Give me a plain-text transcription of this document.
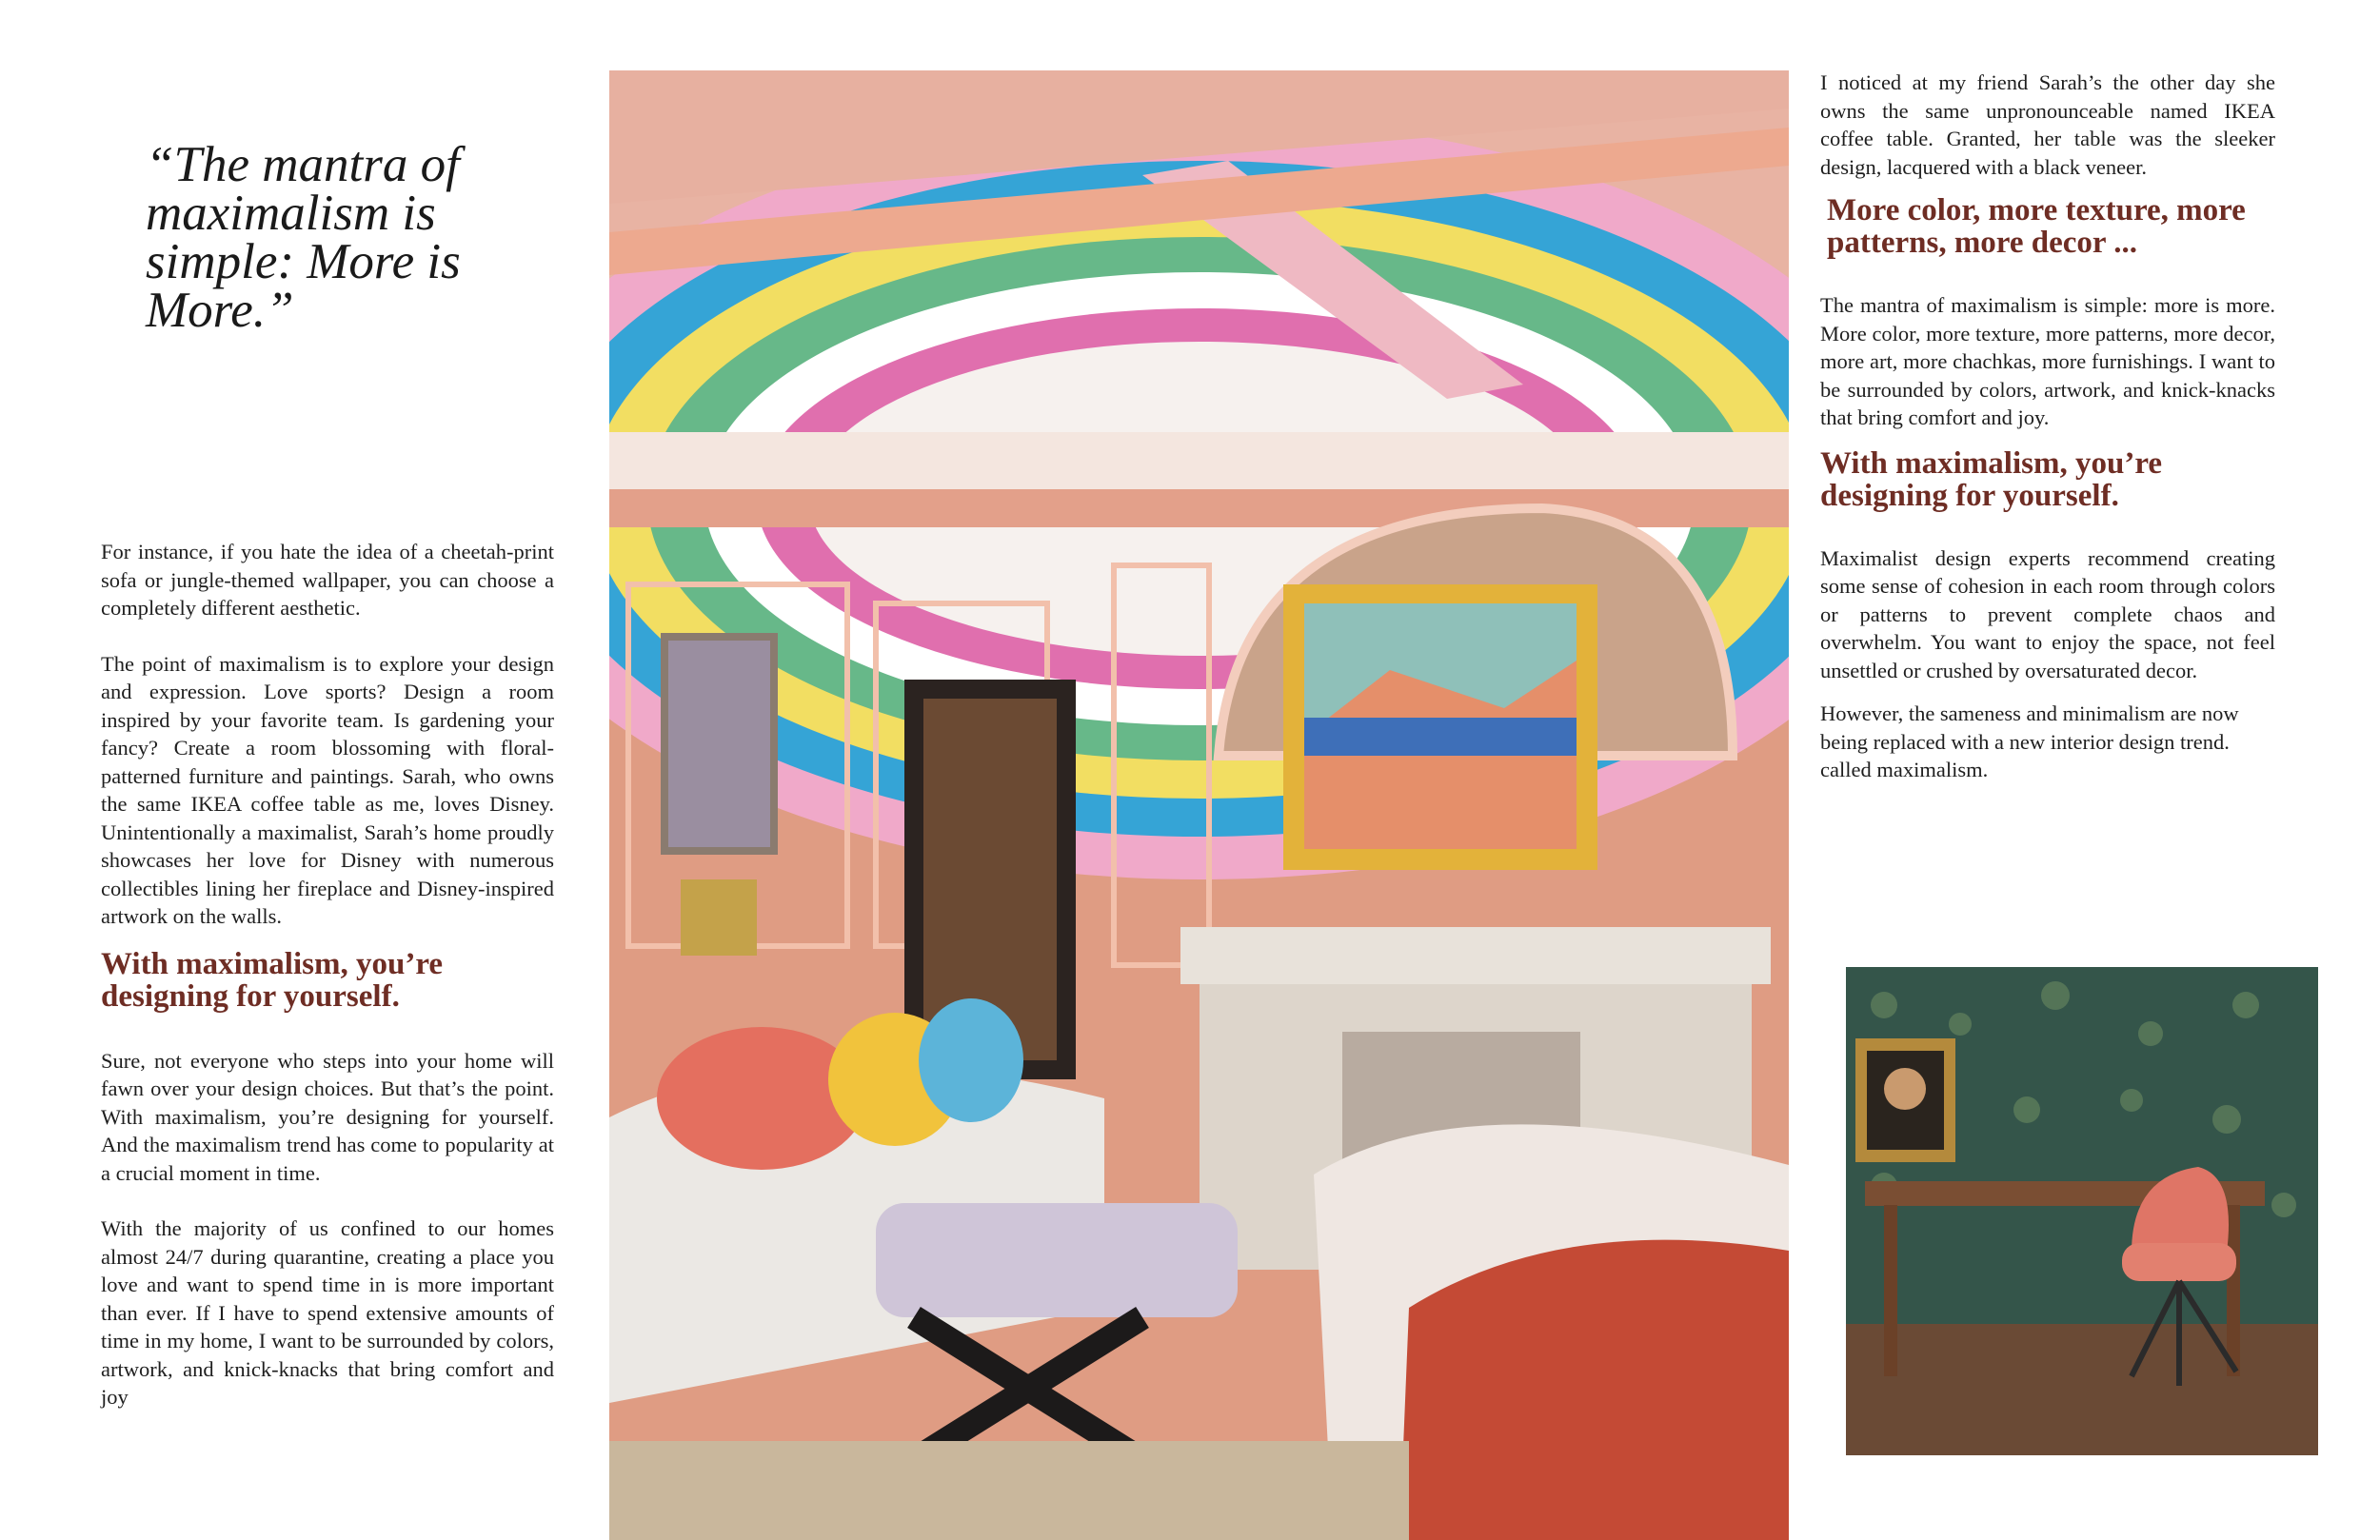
“The mantra of maximalism is simple: More is More.”

For instance, if you hate the idea of a cheetah-print sofa or jungle-themed wallpaper, you can choose a completely different aesthetic.

The point of maximalism is to explore your design and expression. Love sports? Design a room inspired by your favorite team. Is gardening your fancy? Create a room blossoming with floral-patterned furniture and paintings. Sarah, who owns the same IKEA coffee table as me, loves Disney. Unintentionally a maximalist, Sarah’s home proudly showcases her love for Disney with numerous collectibles lining her fireplace and Disney-inspired artwork on the walls.

With maximalism, you’re designing for yourself.

Sure, not everyone who steps into your home will fawn over your design choices. But that’s the point. With maximalism, you’re designing for yourself. And the maximalism trend has come to popularity at a crucial moment in time.

With the majority of us confined to our homes almost 24/7 during quarantine, creating a place you love and want to spend time in is more important than ever. If I have to spend extensive amounts of time in my home, I want to be surrounded by colors, artwork, and knick-knacks that bring comfort and joy

I noticed at my friend Sarah’s the other day she owns the same unpronounceable named IKEA coffee table. Granted, her table was the sleeker design, lacquered with a black veneer.

More color, more texture, more patterns, more decor ...

The mantra of maximalism is simple: more is more. More color, more texture, more patterns, more decor, more art, more chachkas, more furnishings. I want to be surrounded by colors, artwork, and knick-knacks that bring comfort and joy.

With maximalism, you’re designing for yourself.

Maximalist design experts recommend creating some sense of cohesion in each room through colors or patterns to prevent complete chaos and overwhelm. You want to enjoy the space, not feel unsettled or crushed by oversaturated decor.

However, the sameness and minimalism are now being replaced with a new interior design trend. called maximalism.
